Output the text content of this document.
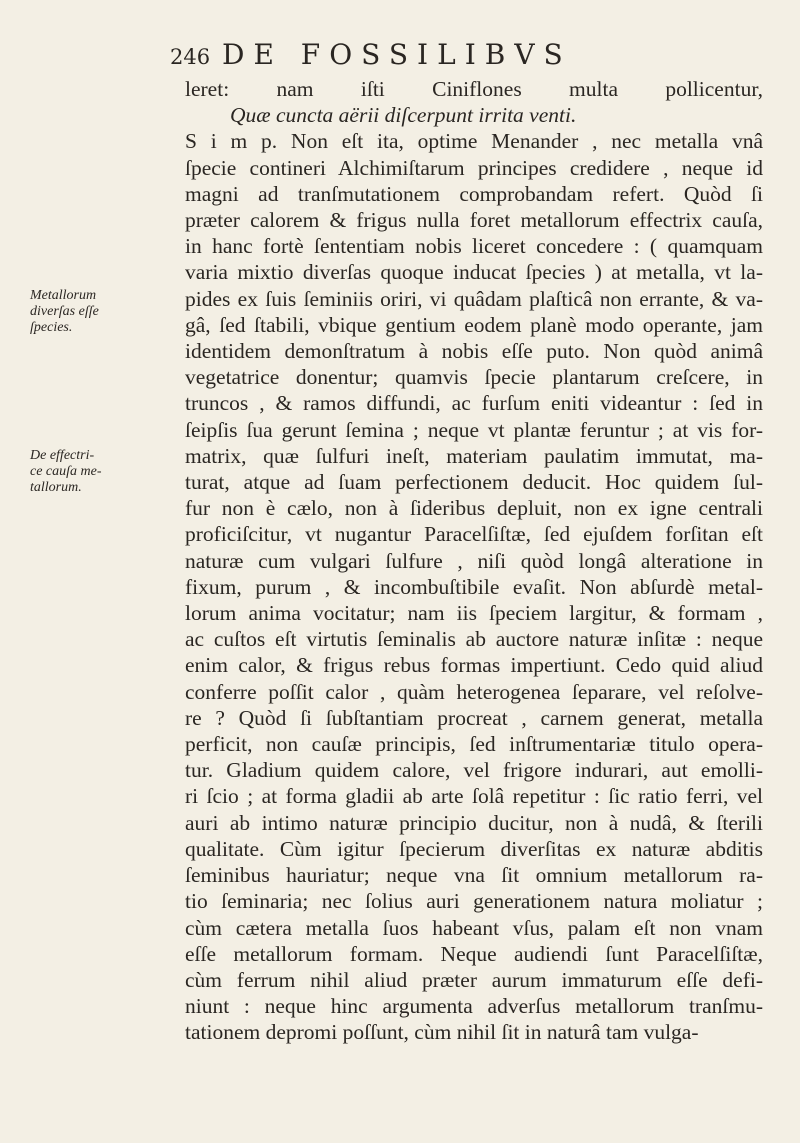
246 DE FOSSILIBVS
Metallorum
diverſas eſſe
ſpecies.
De effectri-
ce cauſa me-
tallorum.
leret: nam iſti Ciniflones multa pollicentur,
Quæ cuncta aërii diſcerpunt irrita venti.
S i m p. Non eſt ita, optime Menander , nec metalla vnâ
ſpecie contineri Alchimiſtarum principes credidere , neque id
magni ad tranſmutationem comprobandam refert. Quòd ſi
præter calorem & frigus nulla foret metallorum effectrix cauſa,
in hanc fortè ſententiam nobis liceret concedere : ( quamquam
varia mixtio diverſas quoque inducat ſpecies ) at metalla, vt la-
pides ex ſuis ſeminiis oriri, vi quâdam plaſticâ non errante, & va-
gâ, ſed ſtabili, vbique gentium eodem planè modo operante, jam
identidem demonſtratum à nobis eſſe puto. Non quòd animâ
vegetatrice donentur; quamvis ſpecie plantarum creſcere, in
truncos , & ramos diffundi, ac furſum eniti videantur : ſed in
ſeipſis ſua gerunt ſemina ; neque vt plantæ feruntur ; at vis for-
matrix, quæ ſulfuri ineſt, materiam paulatim immutat, ma-
turat, atque ad ſuam perfectionem deducit. Hoc quidem ſul-
fur non è cælo, non à ſideribus depluit, non ex igne centrali
proficiſcitur, vt nugantur Paracelſiſtæ, ſed ejuſdem forſitan eſt
naturæ cum vulgari ſulfure , niſi quòd longâ alteratione in
fixum, purum , & incombuſtibile evaſit. Non abſurdè metal-
lorum anima vocitatur; nam iis ſpeciem largitur, & formam ,
ac cuſtos eſt virtutis ſeminalis ab auctore naturæ inſitæ : neque
enim calor, & frigus rebus formas impertiunt. Cedo quid aliud
conferre poſſit calor , quàm heterogenea ſeparare, vel reſolve-
re ? Quòd ſi ſubſtantiam procreat , carnem generat, metalla
perficit, non cauſæ principis, ſed inſtrumentariæ titulo opera-
tur. Gladium quidem calore, vel frigore indurari, aut emolli-
ri ſcio ; at forma gladii ab arte ſolâ repetitur : ſic ratio ferri, vel
auri ab intimo naturæ principio ducitur, non à nudâ, & ſterili
qualitate. Cùm igitur ſpecierum diverſitas ex naturæ abditis
ſeminibus hauriatur; neque vna ſit omnium metallorum ra-
tio ſeminaria; nec ſolius auri generationem natura moliatur ;
cùm cætera metalla ſuos habeant vſus, palam eſt non vnam
eſſe metallorum formam. Neque audiendi ſunt Paracelſiſtæ,
cùm ferrum nihil aliud præter aurum immaturum eſſe defi-
niunt : neque hinc argumenta adverſus metallorum tranſmu-
tationem depromi poſſunt, cùm nihil ſit in naturâ tam vulga-
